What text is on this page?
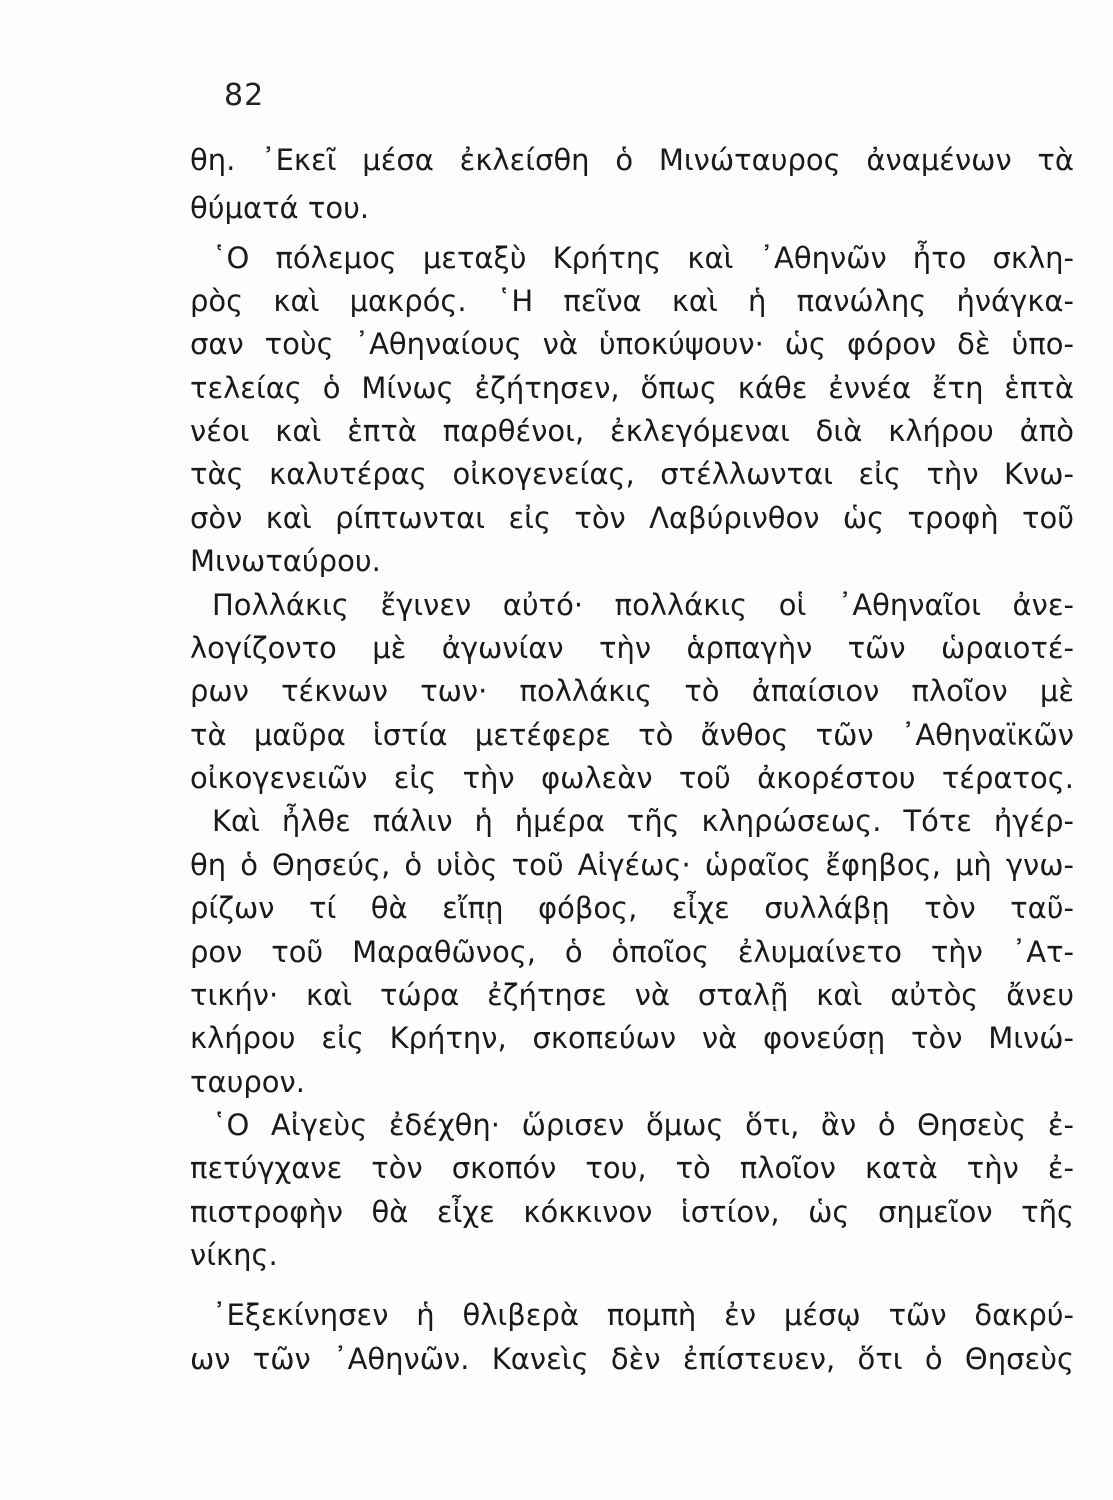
82
θη. ᾿Εκεῖ μέσα ἐκλείσθη ὁ Μινώταυρος ἀναμένων τὰ
θύματά του.
῾Ο πόλεμος μεταξὺ Κρήτης καὶ ᾿Αθηνῶν ἦτο σκλη-
ρὸς καὶ μακρός. ῾Η πεῖνα καὶ ἡ πανώλης ἠνάγκα-
σαν τοὺς ᾿Αθηναίους νὰ ὑποκύψουν· ὡς φόρον δὲ ὑπο-
τελείας ὁ Μίνως ἐζήτησεν, ὅπως κάθε ἐννέα ἔτη ἑπτὰ
νέοι καὶ ἑπτὰ παρθένοι, ἐκλεγόμεναι διὰ κλήρου ἀπὸ
τὰς καλυτέρας οἰκογενείας, στέλλωνται εἰς τὴν Κνω-
σὸν καὶ ρίπτωνται εἰς τὸν Λαβύρινθον ὡς τροφὴ τοῦ
Μινωταύρου.
Πολλάκις ἔγινεν αὐτό· πολλάκις οἱ ᾿Αθηναῖοι ἀνε-
λογίζοντο μὲ ἀγωνίαν τὴν ἁρπαγὴν τῶν ὡραιοτέ-
ρων τέκνων των· πολλάκις τὸ ἀπαίσιον πλοῖον μὲ
τὰ μαῦρα ἱστία μετέφερε τὸ ἄνθος τῶν ᾿Αθηναϊκῶν
οἰκογενειῶν εἰς τὴν φωλεὰν τοῦ ἀκορέστου τέρατος.
Καὶ ἦλθε πάλιν ἡ ἡμέρα τῆς κληρώσεως. Τότε ἠγέρ-
θη ὁ Θησεύς, ὁ υἱὸς τοῦ Αἰγέως· ὡραῖος ἔφηβος, μὴ γνω-
ρίζων τί θὰ εἴπῃ φόβος, εἶχε συλλάβῃ τὸν ταῦ-
ρον τοῦ Μαραθῶνος, ὁ ὁποῖος ἐλυμαίνετο τὴν ᾿Ατ-
τικήν· καὶ τώρα ἐζήτησε νὰ σταλῇ καὶ αὐτὸς ἄνευ
κλήρου εἰς Κρήτην, σκοπεύων νὰ φονεύσῃ τὸν Μινώ-
ταυρον.
῾Ο Αἰγεὺς ἐδέχθη· ὥρισεν ὅμως ὅτι, ἂν ὁ Θησεὺς ἐ-
πετύγχανε τὸν σκοπόν του, τὸ πλοῖον κατὰ τὴν ἐ-
πιστροφὴν θὰ εἶχε κόκκινον ἱστίον, ὡς σημεῖον τῆς
νίκης.
᾿Εξεκίνησεν ἡ θλιβερὰ πομπὴ ἐν μέσῳ τῶν δακρύ-
ων τῶν ᾿Αθηνῶν. Κανεὶς δὲν ἐπίστευεν, ὅτι ὁ Θησεὺς
